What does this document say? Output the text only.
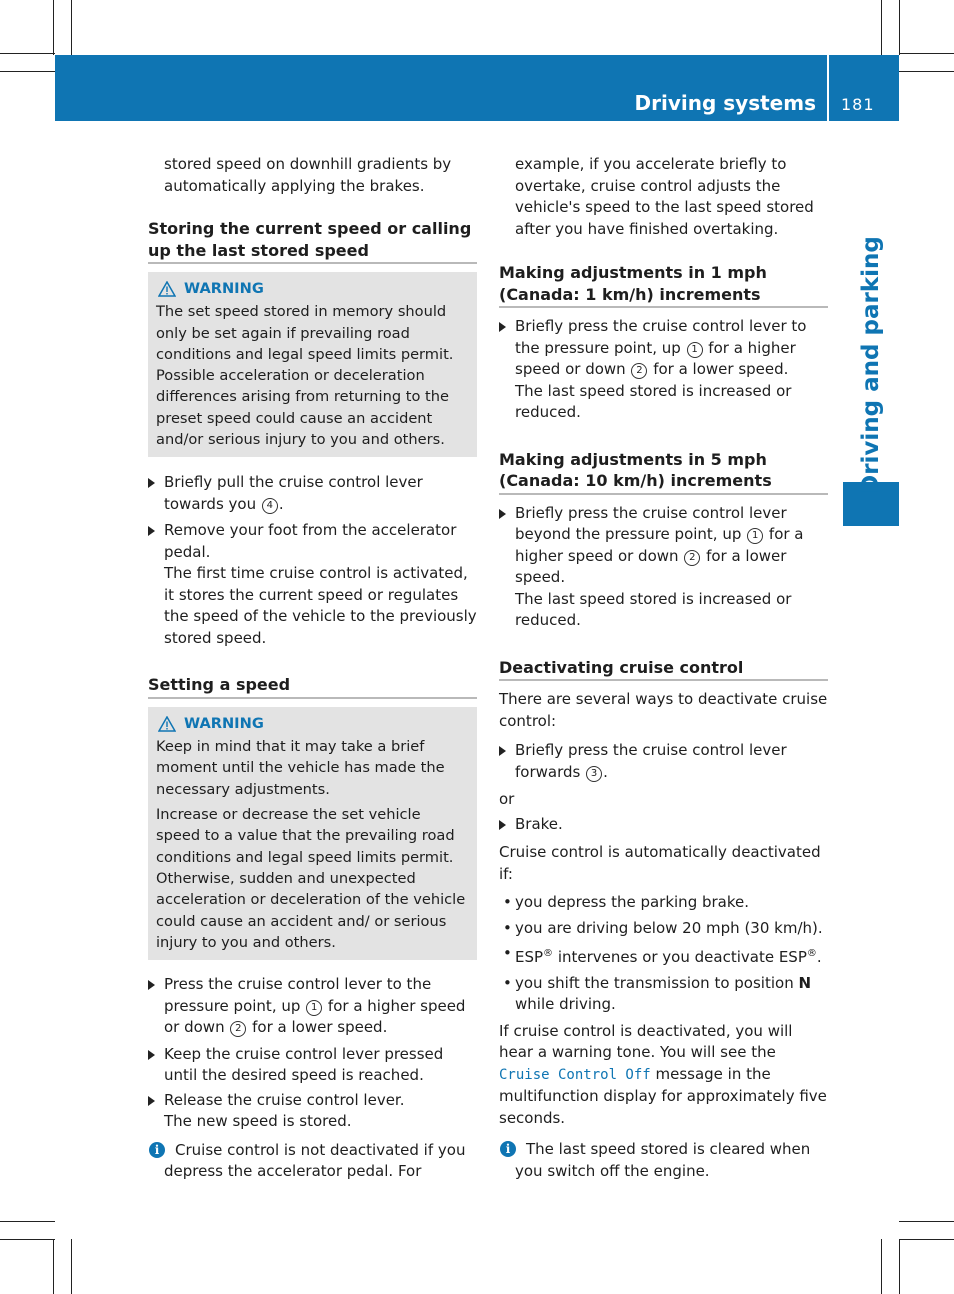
Driving systems 181
Driving and parking

stored speed on downhill gradients by automatically applying the brakes.

Storing the current speed or calling up the last stored speed
WARNING

The set speed stored in memory should only be set again if prevailing road conditions and legal speed limits permit. Possible acceleration or deceleration differences arising from returning to the preset speed could cause an accident and/or serious injury to you and others.

Briefly pull the cruise control lever towards you 4 .

Remove your foot from the accelerator pedal.

The first time cruise control is activated, it stores the current speed or regulates the speed of the vehicle to the previously stored speed.

Setting a speed
WARNING

Keep in mind that it may take a brief moment until the vehicle has made the necessary adjustments.

Increase or decrease the set vehicle speed to a value that the prevailing road conditions and legal speed limits permit. Otherwise, sudden and unexpected acceleration or deceleration of the vehicle could cause an accident and/ or serious injury to you and others.

Press the cruise control lever to the pressure point, up 1 for a higher speed or down 2 for a lower speed.

Keep the cruise control lever pressed until the desired speed is reached.

Release the cruise control lever.

The new speed is stored.

i	Cruise control is not deactivated if you depress the accelerator pedal. For

example, if you accelerate briefly to overtake, cruise control adjusts the vehicle's speed to the last speed stored after you have finished overtaking.

Making adjustments in 1 mph (Canada: 1 km/h) increments
Briefly press the cruise control lever to the pressure point, up 1 for a higher speed or down 2 for a lower speed.

The last speed stored is increased or reduced.

Making adjustments in 5 mph (Canada: 10 km/h) increments
Briefly press the cruise control lever beyond the pressure point, up 1 for a higher speed or down 2 for a lower speed.

The last speed stored is increased or reduced.

Deactivating cruise control

There are several ways to deactivate cruise control:

Briefly press the cruise control lever forwards 3 .

or

Brake.

Cruise control is automatically deactivated if:

• you depress the parking brake.
• you are driving below 20 mph (30 km/h).
• ESP® intervenes or you deactivate ESP®.
• you shift the transmission to position N while driving.

If cruise control is deactivated, you will hear a warning tone. You will see the Cruise Control Off message in the multifunction display for approximately five seconds.

i	The last speed stored is cleared when you switch off the engine.
